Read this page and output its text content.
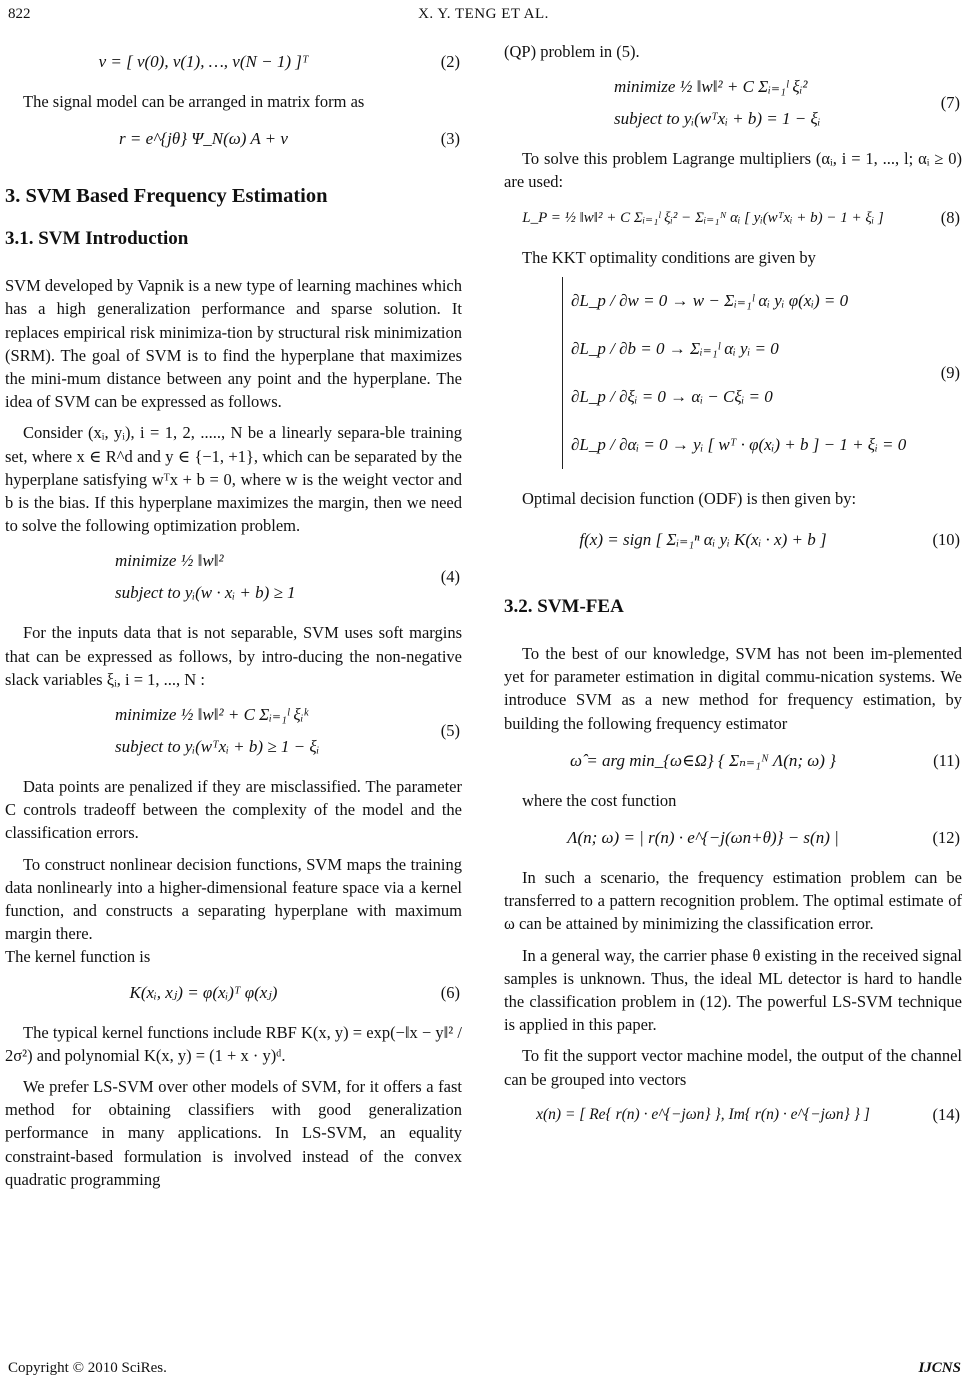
822	X. Y. TENG ET AL.
v = [ v(0), v(1), …, v(N − 1) ]ᵀ	(2)

The signal model can be arranged in matrix form as

r = e^{jθ} Ψ_N(ω) A + v	(3)
3. SVM Based Frequency Estimation
3.1. SVM Introduction

SVM developed by Vapnik is a new type of learning machines which has a high generalization performance and sparse solution. It replaces empirical risk minimiza-tion by structural risk minimization (SRM). The goal of SVM is to find the hyperplane that maximizes the mini-mum distance between any point and the hyperplane. The idea of SVM can be expressed as follows.

Consider (xᵢ, yᵢ), i = 1, 2, ....., N be a linearly separa-ble training set, where x ∈ R^d and y ∈ {−1, +1}, which can be separated by the hyperplane satisfying wᵀx + b = 0, where w is the weight vector and b is the bias. If this hyperplane maximizes the margin, then we need to solve the following optimization problem.

minimize ½ ‖w‖²
subject to yᵢ(w · xᵢ + b) ≥ 1
(4)

For the inputs data that is not separable, SVM uses soft margins that can be expressed as follows, by intro-ducing the non-negative slack variables ξᵢ, i = 1, ..., N :

minimize ½ ‖w‖² + C Σᵢ₌₁ˡ ξᵢᵏ
subject to yᵢ(wᵀxᵢ + b) ≥ 1 − ξᵢ
(5)

Data points are penalized if they are misclassified. The parameter C controls tradeoff between the complexity of the model and the classification errors.

To construct nonlinear decision functions, SVM maps the training data nonlinearly into a higher-dimensional feature space via a kernel function, and constructs a separating hyperplane with maximum margin there.

The kernel function is

K(xᵢ, xⱼ) = φ(xᵢ)ᵀ φ(xⱼ)	(6)

The typical kernel functions include RBF K(x, y) = exp(−‖x − y‖² / 2σ²) and polynomial K(x, y) = (1 + x · y)ᵈ.

We prefer LS-SVM over other models of SVM, for it offers a fast method for obtaining classifiers with good generalization performance in many applications. In LS-SVM, an equality constraint-based formulation is involved instead of the convex quadratic programming

(QP) problem in (5).

minimize ½ ‖w‖² + C Σᵢ₌₁ˡ ξᵢ²
subject to yᵢ(wᵀxᵢ + b) = 1 − ξᵢ
(7)

To solve this problem Lagrange multipliers (αᵢ, i = 1, ..., l; αᵢ ≥ 0) are used:

L_P = ½ ‖w‖² + C Σᵢ₌₁ˡ ξᵢ² − Σᵢ₌₁ᴺ αᵢ [ yᵢ(wᵀxᵢ + b) − 1 + ξᵢ ]	(8)

The KKT optimality conditions are given by

∂L_p / ∂w = 0 → w − Σᵢ₌₁ˡ αᵢ yᵢ φ(xᵢ) = 0
∂L_p / ∂b = 0 → Σᵢ₌₁ˡ αᵢ yᵢ = 0
∂L_p / ∂ξᵢ = 0 → αᵢ − Cξᵢ = 0
∂L_p / ∂αᵢ = 0 → yᵢ [ wᵀ · φ(xᵢ) + b ] − 1 + ξᵢ = 0
(9)

Optimal decision function (ODF) is then given by:

f(x) = sign [ Σᵢ₌₁ⁿ αᵢ yᵢ K(xᵢ · x) + b ]	(10)
3.2. SVM-FEA

To the best of our knowledge, SVM has not been im-plemented yet for parameter estimation in digital commu-nication systems. We introduce SVM as a new method for frequency estimation, by building the following frequency estimator

ω̂ = arg min_{ω∈Ω} { Σₙ₌₁ᴺ Λ(n; ω) }	(11)

where the cost function

Λ(n; ω) = | r(n) · e^{−j(ωn+θ)} − s(n) |	(12)

In such a scenario, the frequency estimation problem can be transferred to a pattern recognition problem. The optimal estimate of ω can be attained by minimizing the classification error.

In a general way, the carrier phase θ existing in the received signal samples is unknown. Thus, the ideal ML detector is hard to handle the classification problem in (12). The powerful LS-SVM technique is applied in this paper.

To fit the support vector machine model, the output of the channel can be grouped into vectors

x(n) = [ Re{ r(n) · e^{−jωn} }, Im{ r(n) · e^{−jωn} } ]	(14)
Copyright © 2010 SciRes.	IJCNS
